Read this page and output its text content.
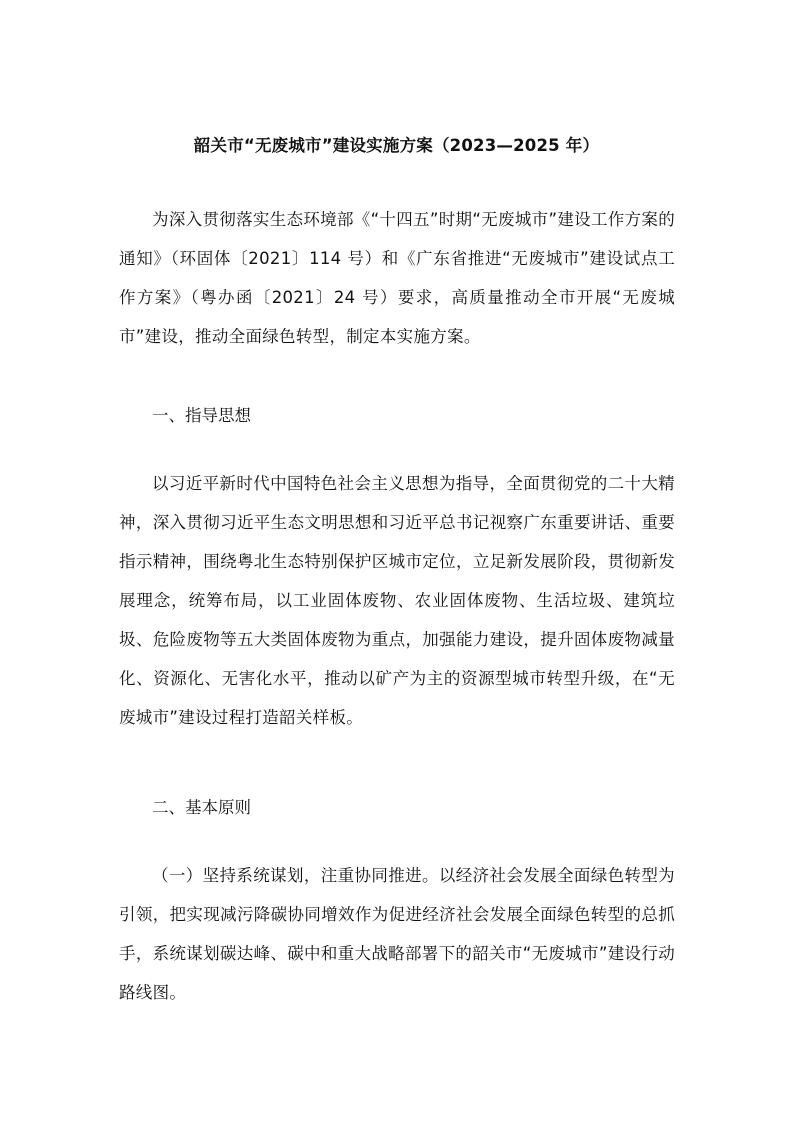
韶关市“无废城市”建设实施方案（2023—2025 年）

为深入贯彻落实生态环境部《“十四五”时期“无废城市”建设工作方案的通知》（环固体〔2021〕114 号）和《广东省推进“无废城市”建设试点工作方案》（粤办函〔2021〕24 号）要求，高质量推动全市开展“无废城市”建设，推动全面绿色转型，制定本实施方案。

一、指导思想

以习近平新时代中国特色社会主义思想为指导，全面贯彻党的二十大精神，深入贯彻习近平生态文明思想和习近平总书记视察广东重要讲话、重要指示精神，围绕粤北生态特别保护区城市定位，立足新发展阶段，贯彻新发展理念，统筹布局，以工业固体废物、农业固体废物、生活垃圾、建筑垃圾、危险废物等五大类固体废物为重点，加强能力建设，提升固体废物减量化、资源化、无害化水平，推动以矿产为主的资源型城市转型升级，在“无废城市”建设过程打造韶关样板。

二、基本原则

（一）坚持系统谋划，注重协同推进。以经济社会发展全面绿色转型为引领，把实现减污降碳协同增效作为促进经济社会发展全面绿色转型的总抓手，系统谋划碳达峰、碳中和重大战略部署下的韶关市“无废城市”建设行动路线图。
